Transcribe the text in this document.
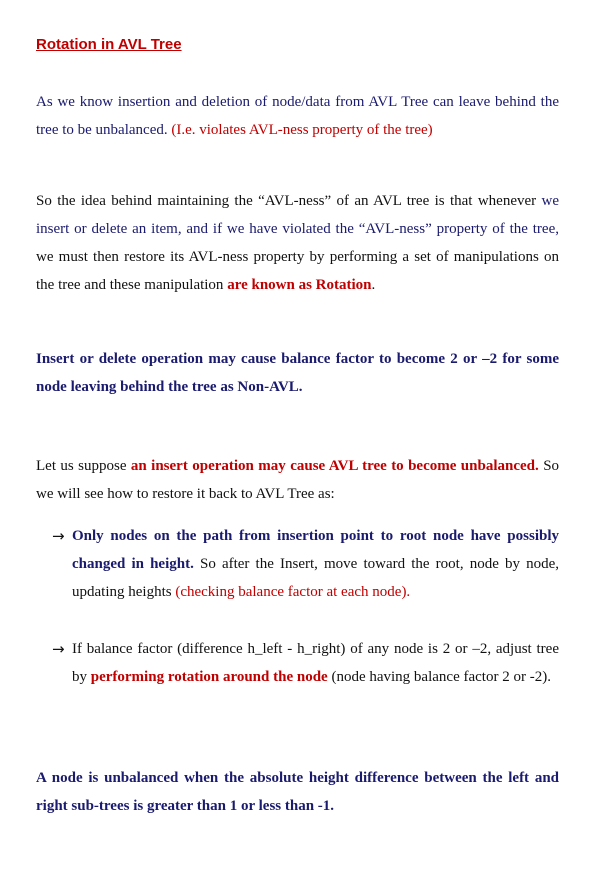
Rotation in AVL Tree
As we know insertion and deletion of node/data from AVL Tree can leave behind the tree to be unbalanced. (I.e. violates AVL-ness property of the tree)
So the idea behind maintaining the “AVL-ness” of an AVL tree is that whenever we insert or delete an item, and if we have violated the “AVL-ness” property of the tree, we must then restore its AVL-ness property by performing a set of manipulations on the tree and these manipulation are known as Rotation.
Insert or delete operation may cause balance factor to become 2 or –2 for some node leaving behind the tree as Non-AVL.
Let us suppose an insert operation may cause AVL tree to become unbalanced. So we will see how to restore it back to AVL Tree as:
→ Only nodes on the path from insertion point to root node have possibly changed in height. So after the Insert, move toward the root, node by node, updating heights (checking balance factor at each node).
→ If balance factor (difference h_left - h_right) of any node is 2 or –2, adjust tree by performing rotation around the node (node having balance factor 2 or -2).
A node is unbalanced when the absolute height difference between the left and right sub-trees is greater than 1 or less than -1.
